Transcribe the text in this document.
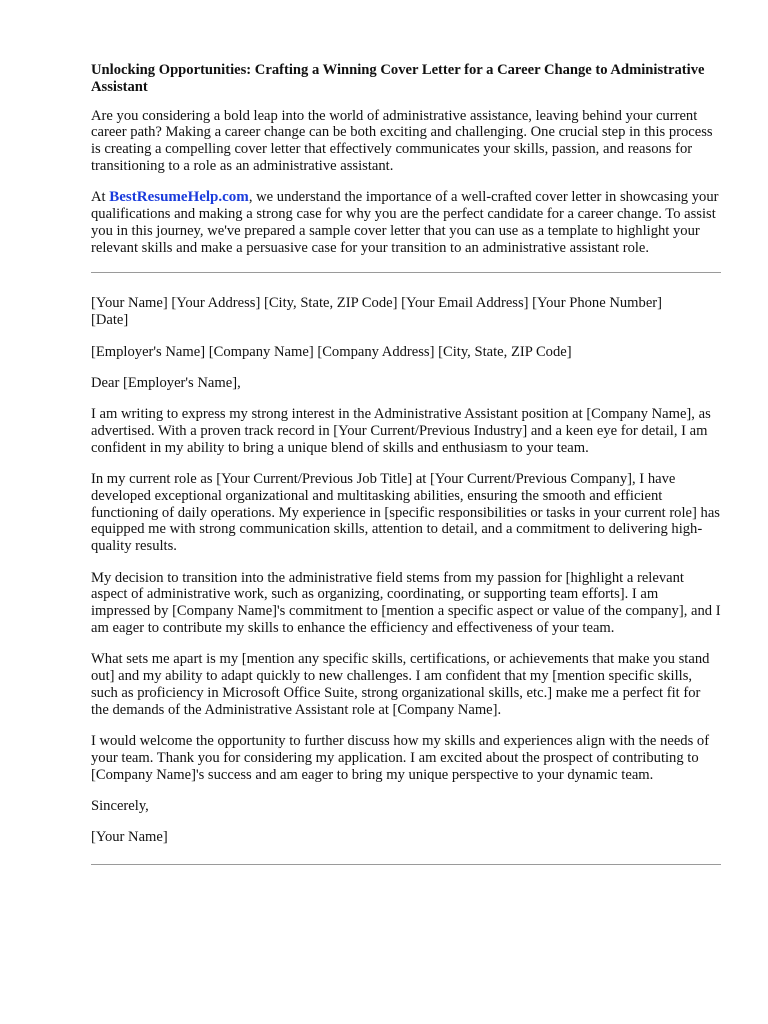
Unlocking Opportunities: Crafting a Winning Cover Letter for a Career Change to Administrative Assistant

Are you considering a bold leap into the world of administrative assistance, leaving behind your current career path? Making a career change can be both exciting and challenging. One crucial step in this process is creating a compelling cover letter that effectively communicates your skills, passion, and reasons for transitioning to a role as an administrative assistant.

At BestResumeHelp.com, we understand the importance of a well-crafted cover letter in showcasing your qualifications and making a strong case for why you are the perfect candidate for a career change. To assist you in this journey, we've prepared a sample cover letter that you can use as a template to highlight your relevant skills and make a persuasive case for your transition to an administrative assistant role.

[Your Name] [Your Address] [City, State, ZIP Code] [Your Email Address] [Your Phone Number]
[Date]

[Employer's Name] [Company Name] [Company Address] [City, State, ZIP Code]

Dear [Employer's Name],

I am writing to express my strong interest in the Administrative Assistant position at [Company Name], as advertised. With a proven track record in [Your Current/Previous Industry] and a keen eye for detail, I am confident in my ability to bring a unique blend of skills and enthusiasm to your team.

In my current role as [Your Current/Previous Job Title] at [Your Current/Previous Company], I have developed exceptional organizational and multitasking abilities, ensuring the smooth and efficient functioning of daily operations. My experience in [specific responsibilities or tasks in your current role] has equipped me with strong communication skills, attention to detail, and a commitment to delivering high-quality results.

My decision to transition into the administrative field stems from my passion for [highlight a relevant aspect of administrative work, such as organizing, coordinating, or supporting team efforts]. I am impressed by [Company Name]'s commitment to [mention a specific aspect or value of the company], and I am eager to contribute my skills to enhance the efficiency and effectiveness of your team.

What sets me apart is my [mention any specific skills, certifications, or achievements that make you stand out] and my ability to adapt quickly to new challenges. I am confident that my [mention specific skills, such as proficiency in Microsoft Office Suite, strong organizational skills, etc.] make me a perfect fit for the demands of the Administrative Assistant role at [Company Name].

I would welcome the opportunity to further discuss how my skills and experiences align with the needs of your team. Thank you for considering my application. I am excited about the prospect of contributing to [Company Name]'s success and am eager to bring my unique perspective to your dynamic team.

Sincerely,

[Your Name]
